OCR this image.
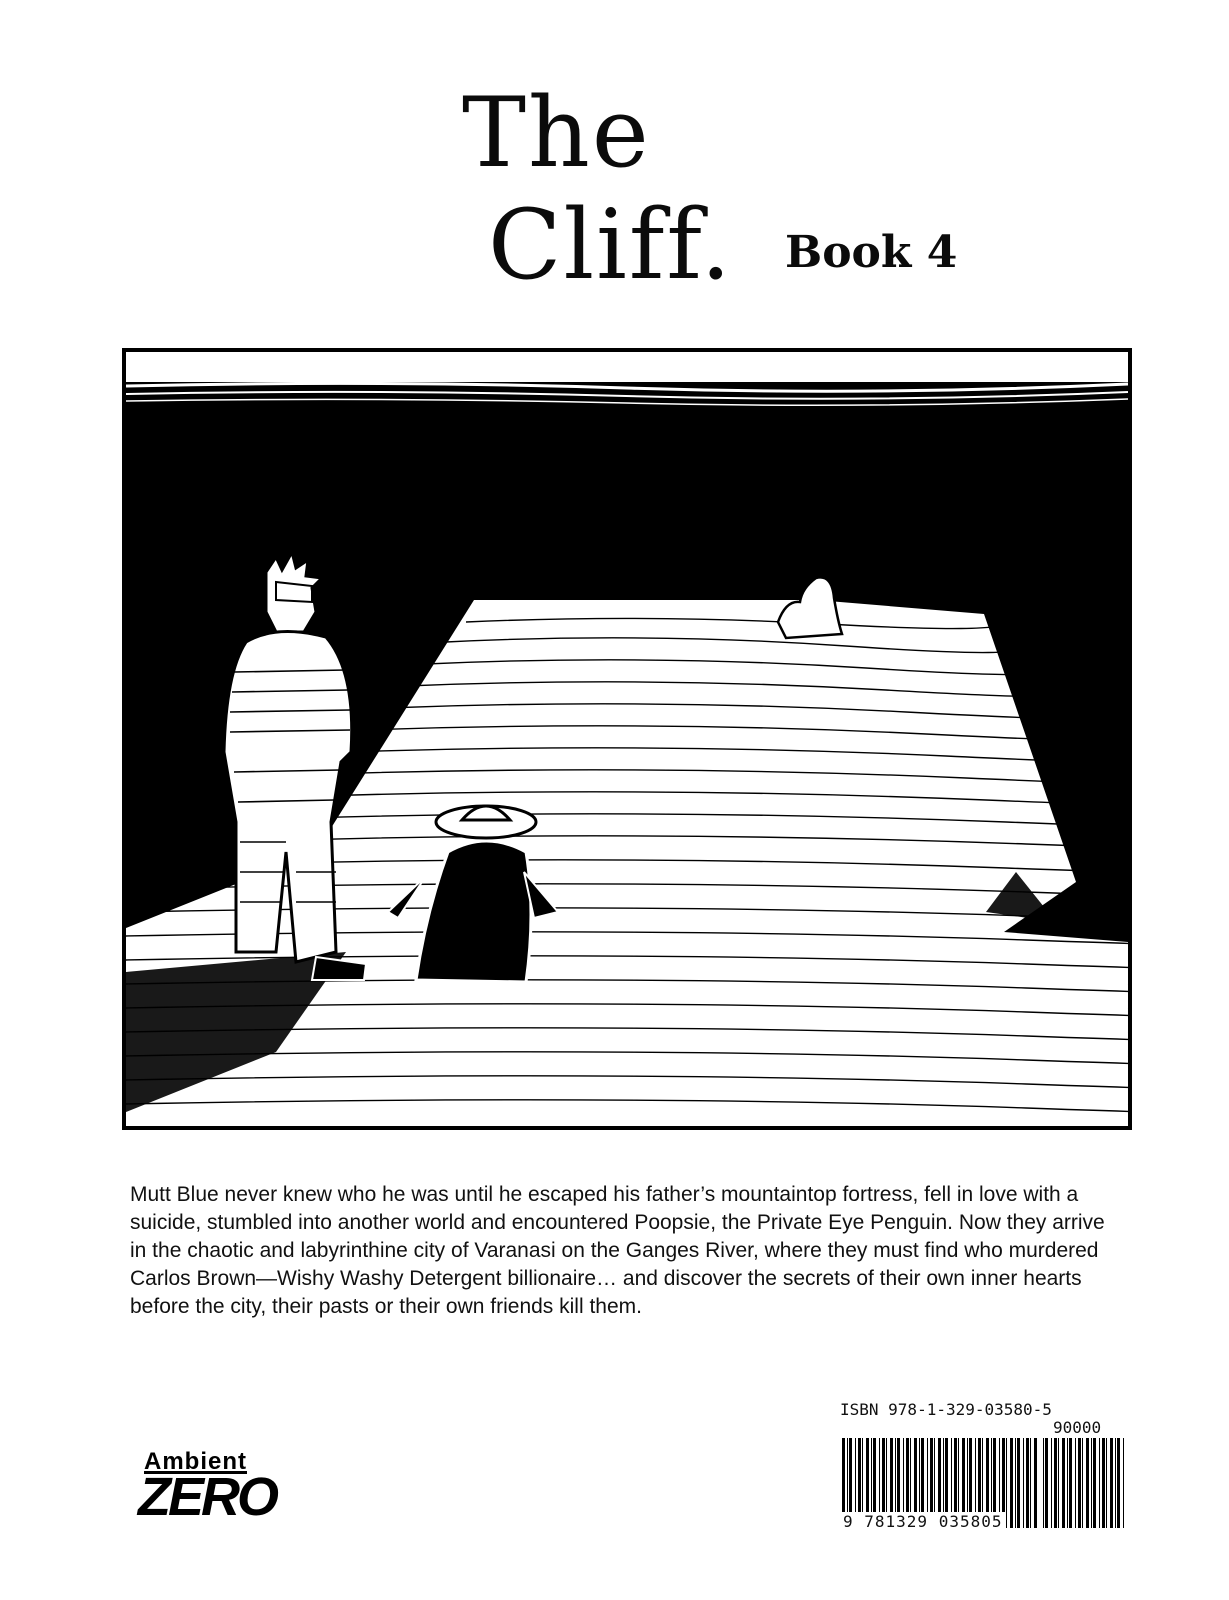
The
Cliff. Book 4

Mutt Blue never knew who he was until he escaped his father’s mountaintop fortress, fell in love with a suicide, stumbled into another world and encountered Poopsie, the Private Eye Penguin. Now they arrive in the chaotic and labyrinthine city of Varanasi on the Ganges River, where they must find who murdered Carlos Brown—Wishy Washy Detergent billionaire… and discover the secrets of their own inner hearts before the city, their pasts or their own friends kill them.

Ambient
ZERO
ISBN 978-1-329-03580-5
90000
9 781329 035805
